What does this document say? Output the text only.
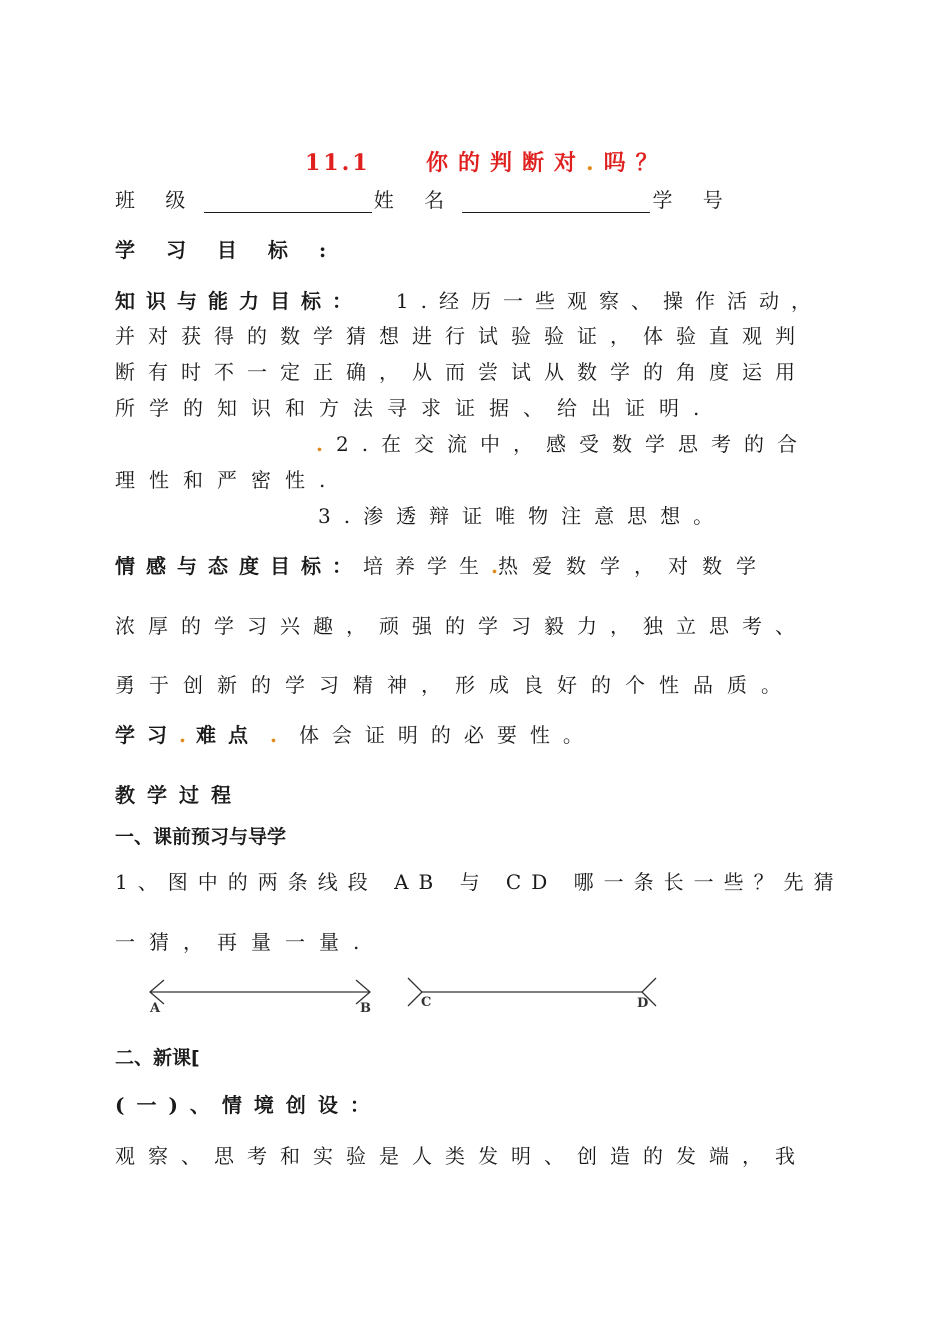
11.1	你的判断对.吗？
班 级	姓 名	学 号
学 习 目 标 :
知识与能力目标： 1.经历一些观察、操作活动，
并对获得的数学猜想进行试验验证，体验直观判
断有时不一定正确，从而尝试从数学的角度运用
所学的知识和方法寻求证据、给出证明.
.2.在交流中，感受数学思考的合
理性和严密性.
3.渗透辩证唯物注意思想。
情感与态度目标：培养学生.热爱数学，对数学
浓厚的学习兴趣，顽强的学习毅力，独立思考、
勇于创新的学习精神，形成良好的个性品质。
学习. 难点 . 体会证明的必要性。
教学过程
一、课前预习与导学
1、图中的两条线段 AB 与 CD 哪一条长一些？先猜
一猜，再量一量.
A	B	C	D
二、新课[
(一)、情境创设：
观察、思考和实验是人类发明、创造的发端，我
